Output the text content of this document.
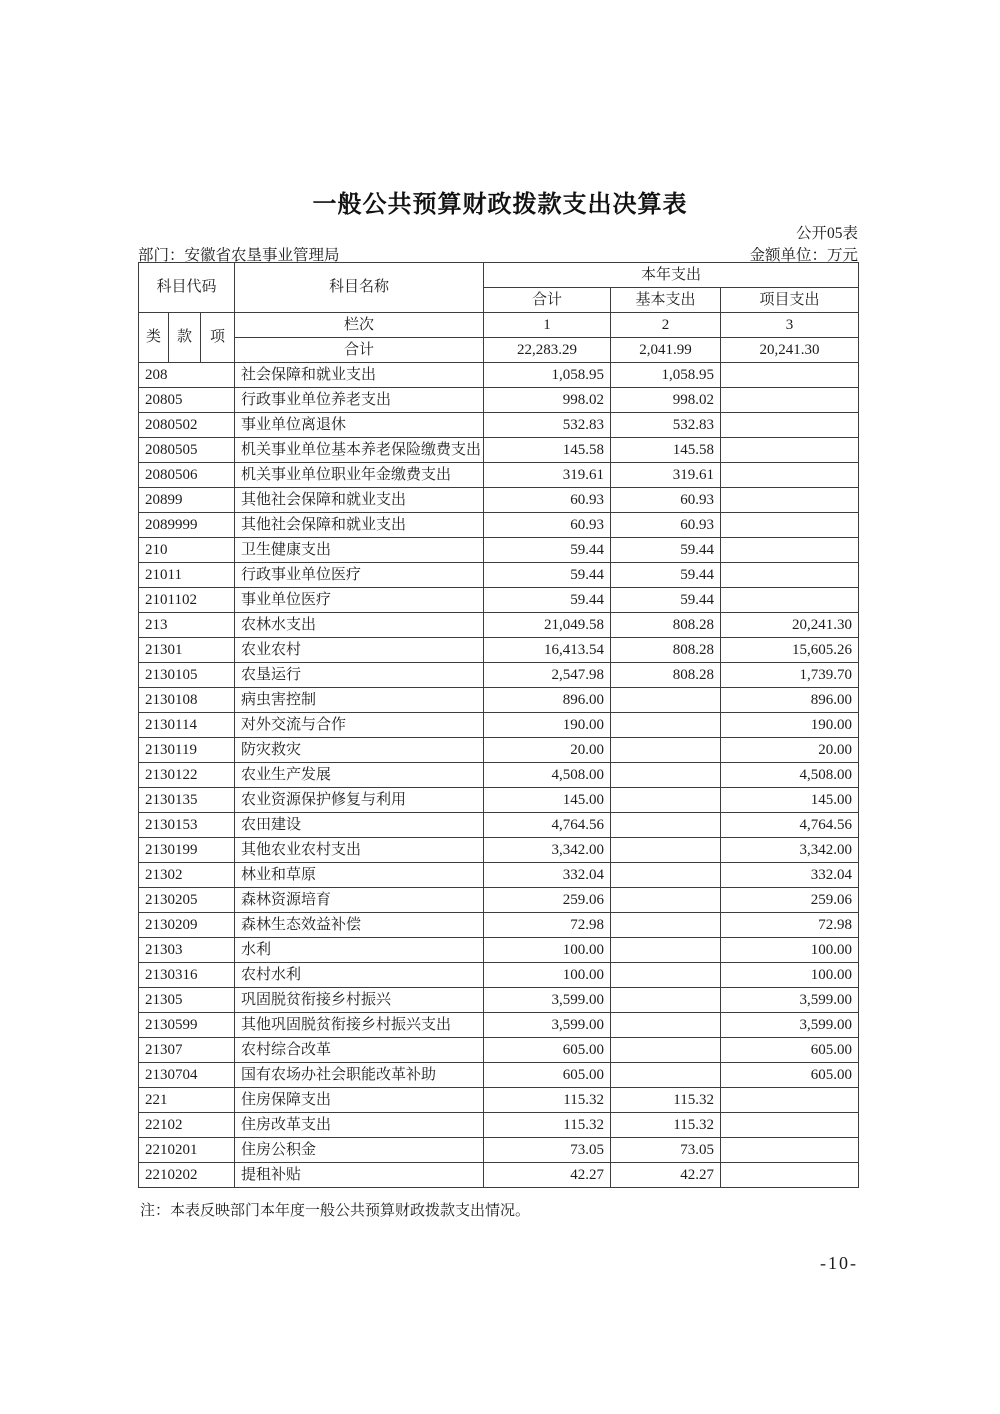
一般公共预算财政拨款支出决算表
公开05表
部门：安徽省农垦事业管理局	金额单位：万元
科目代码			科目名称	本年支出		
				合计	基本支出	项目支出
类	款	项	栏次	1	2	3
			合计	22,283.29	2,041.99	20,241.30
208			社会保障和就业支出	1,058.95	1,058.95	
20805			行政事业单位养老支出	998.02	998.02	
2080502			事业单位离退休	532.83	532.83	
2080505			机关事业单位基本养老保险缴费支出	145.58	145.58	
2080506			机关事业单位职业年金缴费支出	319.61	319.61	
20899			其他社会保障和就业支出	60.93	60.93	
2089999			其他社会保障和就业支出	60.93	60.93	
210			卫生健康支出	59.44	59.44	
21011			行政事业单位医疗	59.44	59.44	
2101102			事业单位医疗	59.44	59.44	
213			农林水支出	21,049.58	808.28	20,241.30
21301			农业农村	16,413.54	808.28	15,605.26
2130105			农垦运行	2,547.98	808.28	1,739.70
2130108			病虫害控制	896.00		896.00
2130114			对外交流与合作	190.00		190.00
2130119			防灾救灾	20.00		20.00
2130122			农业生产发展	4,508.00		4,508.00
2130135			农业资源保护修复与利用	145.00		145.00
2130153			农田建设	4,764.56		4,764.56
2130199			其他农业农村支出	3,342.00		3,342.00
21302			林业和草原	332.04		332.04
2130205			森林资源培育	259.06		259.06
2130209			森林生态效益补偿	72.98		72.98
21303			水利	100.00		100.00
2130316			农村水利	100.00		100.00
21305			巩固脱贫衔接乡村振兴	3,599.00		3,599.00
2130599			其他巩固脱贫衔接乡村振兴支出	3,599.00		3,599.00
21307			农村综合改革	605.00		605.00
2130704			国有农场办社会职能改革补助	605.00		605.00
221			住房保障支出	115.32	115.32	
22102			住房改革支出	115.32	115.32	
2210201			住房公积金	73.05	73.05	
2210202			提租补贴	42.27	42.27	
注：本表反映部门本年度一般公共预算财政拨款支出情况。
-10-
